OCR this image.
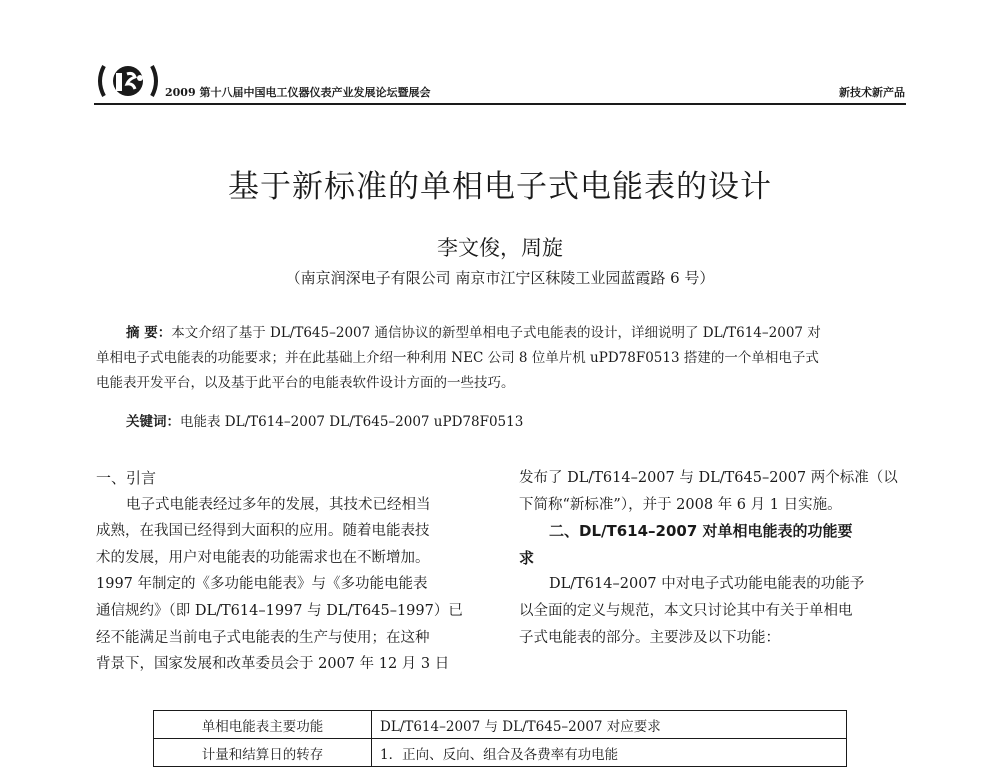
2009 第十八届中国电工仪器仪表产业发展论坛暨展会	新技术新产品
基于新标准的单相电子式电能表的设计
李文俊，周旋
（南京润深电子有限公司 南京市江宁区秣陵工业园蓝霞路 6 号）

摘 要：本文介绍了基于 DL/T645–2007 通信协议的新型单相电子式电能表的设计，详细说明了 DL/T614–2007 对

单相电子式电能表的功能要求；并在此基础上介绍一种利用 NEC 公司 8 位单片机 uPD78F0513 搭建的一个单相电子式
电能表开发平台，以及基于此平台的电能表软件设计方面的一些技巧。
关键词：电能表 DL/T614–2007 DL/T645–2007 uPD78F0513
一、引言
电子式电能表经过多年的发展，其技术已经相当
成熟，在我国已经得到大面积的应用。随着电能表技
术的发展，用户对电能表的功能需求也在不断增加。
1997 年制定的《多功能电能表》与《多功能电能表
通信规约》（即 DL/T614–1997 与 DL/T645–1997）已
经不能满足当前电子式电能表的生产与使用；在这种
背景下，国家发展和改革委员会于 2007 年 12 月 3 日
发布了 DL/T614–2007 与 DL/T645–2007 两个标准（以
下简称“新标准”），并于 2008 年 6 月 1 日实施。
二、DL/T614–2007 对单相电能表的功能要
求
DL/T614–2007 中对电子式功能电能表的功能予
以全面的定义与规范，本文只讨论其中有关于单相电
子式电能表的部分。主要涉及以下功能：
单相电能表主要功能	DL/T614–2007 与 DL/T645–2007 对应要求
计量和结算日的转存	1．正向、反向、组合及各费率有功电能
